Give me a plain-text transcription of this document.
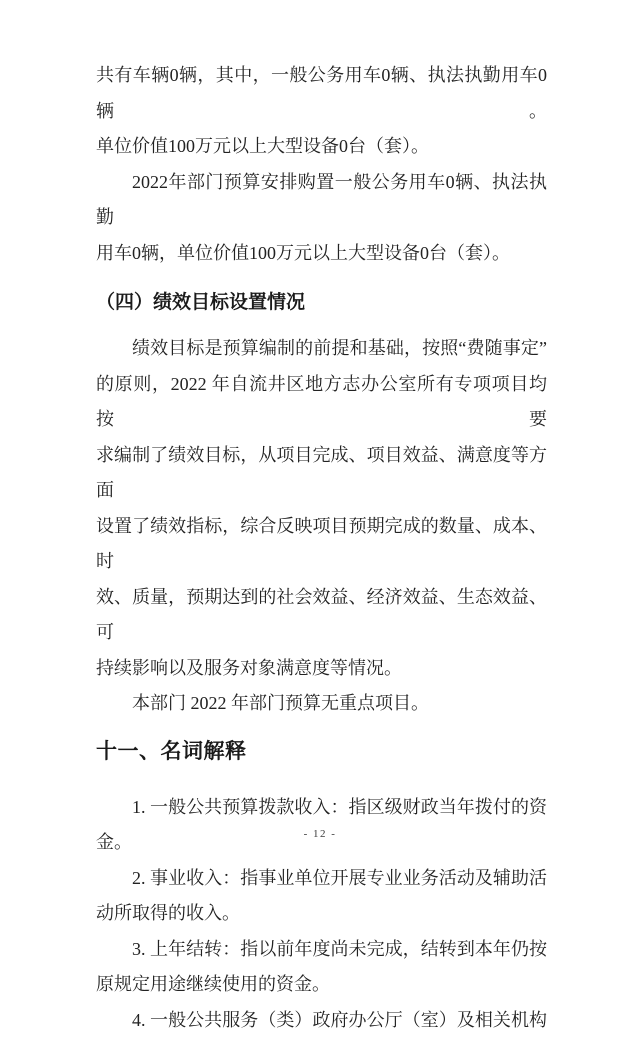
共有车辆0辆，其中，一般公务用车0辆、执法执勤用车0辆。
单位价值100万元以上大型设备0台（套）。
2022年部门预算安排购置一般公务用车0辆、执法执勤
用车0辆，单位价值100万元以上大型设备0台（套）。
（四）绩效目标设置情况
绩效目标是预算编制的前提和基础，按照“费随事定”
的原则，2022 年自流井区地方志办公室所有专项项目均按要
求编制了绩效目标，从项目完成、项目效益、满意度等方面
设置了绩效指标，综合反映项目预期完成的数量、成本、时
效、质量，预期达到的社会效益、经济效益、生态效益、可
持续影响以及服务对象满意度等情况。
本部门 2022 年部门预算无重点项目。
十一、名词解释
1. 一般公共预算拨款收入：指区级财政当年拨付的资
金。
2. 事业收入：指事业单位开展专业业务活动及辅助活
动所取得的收入。
3. 上年结转：指以前年度尚未完成，结转到本年仍按
原规定用途继续使用的资金。
4. 一般公共服务（类）政府办公厅（室）及相关机构
- 12 -
